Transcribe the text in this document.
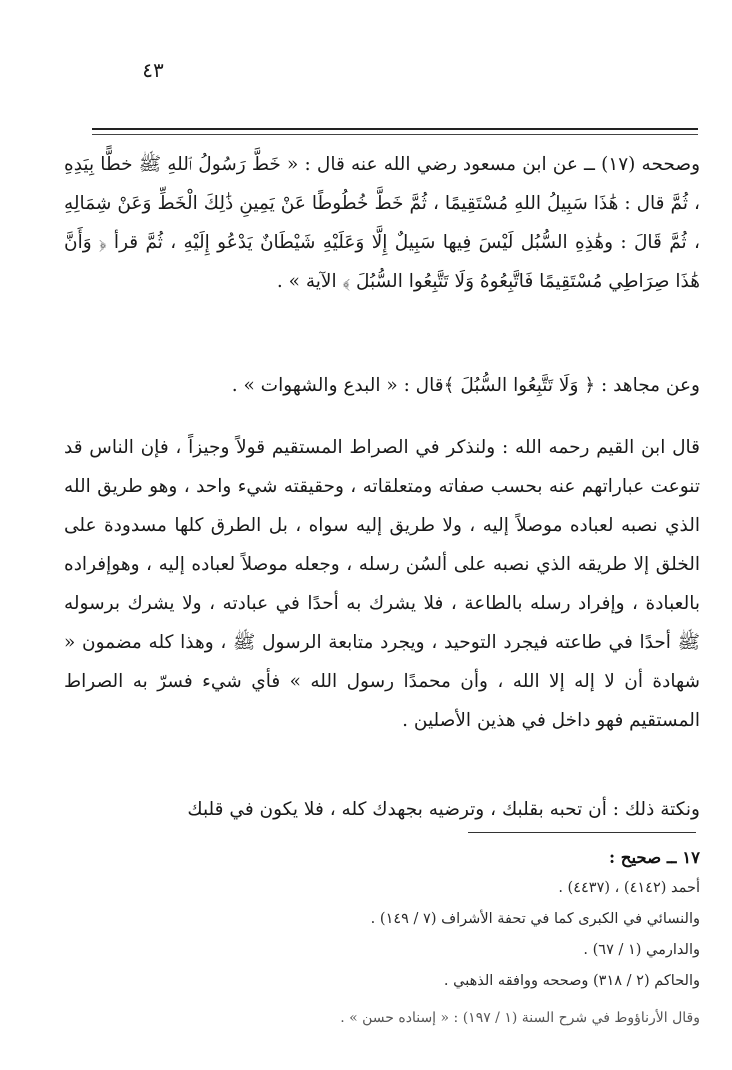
٤٣

وصححه (١٧) ــ عن ابن مسعود رضي الله عنه قال : « خَطَّ رَسُولُ ٱللهِ ﷺ خطًّا بِيَدِهِ ، ثُمَّ قال : هَٰذَا سَبِيلُ اللهِ مُسْتَقِيمًا ، ثُمَّ خَطَّ خُطُوطًا عَنْ يَمِينِ ذَٰلِكَ الْخَطِّ وَعَنْ شِمَالِهِ ، ثُمَّ قَالَ : وهَٰذِهِ السُّبُل لَيْسَ فِيها سَبِيلٌ إِلَّا وَعَلَيْهِ شَيْطَانٌ يَدْعُو إِلَيْهِ ، ثُمَّ قرأ ﴿ وَأَنَّ هَٰذَا صِرَاطِي مُسْتَقِيمًا فَاتَّبِعُوهُ وَلَا تَتَّبِعُوا السُّبُلَ ﴾ الآية » .

وعن مجاهد : ﴿ وَلَا تَتَّبِعُوا السُّبُلَ ﴾قال : « البدع والشهوات » .

قال ابن القيم رحمه الله : ولنذكر في الصراط المستقيم قولاً وجيزاً ، فإن الناس قد تنوعت عباراتهم عنه بحسب صفاته ومتعلقاته ، وحقيقته شيء واحد ، وهو طريق الله الذي نصبه لعباده موصلاً إليه ، ولا طريق إليه سواه ، بل الطرق كلها مسدودة على الخلق إلا طريقه الذي نصبه على ألسُن رسله ، وجعله موصلاً لعباده إليه ، وهوإفراده بالعبادة ، وإفراد رسله بالطاعة ، فلا يشرك به أحدًا في عبادته ، ولا يشرك برسوله ﷺ أحدًا في طاعته فيجرد التوحيد ، ويجرد متابعة الرسول ﷺ ، وهذا كله مضمون « شهادة أن لا إله إلا الله ، وأن محمدًا رسول الله » فأي شيء فسرّ به الصراط المستقيم فهو داخل في هذين الأصلين .

ونكتة ذلك : أن تحبه بقلبك ، وترضيه بجهدك كله ، فلا يكون في قلبك

١٧ ــ صحيح :

أحمد (٤١٤٢) ، (٤٤٣٧) .

والنسائي في الكبرى كما في تحفة الأشراف (٧ / ١٤٩) .

والدارمي (١ / ٦٧) .

والحاكم (٢ / ٣١٨) وصححه ووافقه الذهبي .

وقال الأرناؤوط في شرح السنة (١ / ١٩٧) : « إسناده حسن » .
